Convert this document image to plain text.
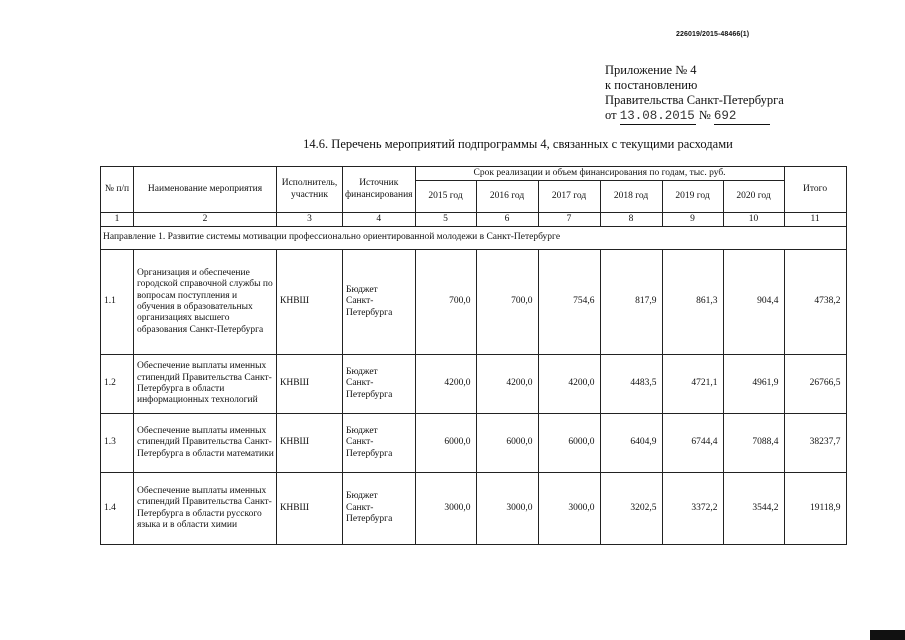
226019/2015-48466(1)
Приложение № 4
к постановлению
Правительства Санкт-Петербурга
от 13.08.2015 № 692
14.6. Перечень мероприятий подпрограммы 4, связанных с текущими расходами
№ п/п	Наименование мероприятия	Исполнитель, участник	Источник финансирования	Срок реализации и объем финансирования по годам, тыс. руб.						Итого
				2015 год	2016 год	2017 год	2018 год	2019 год	2020 год	
1	2	3	4	5	6	7	8	9	10	11
Направление 1. Развитие системы мотивации профессионально ориентированной молодежи в Санкт-Петербурге										
1.1	Организация и обеспечение городской справочной службы по вопросам поступления и обучения в образовательных организациях высшего образования Санкт-Петербурга	КНВШ	Бюджет Санкт-Петербурга	700,0	700,0	754,6	817,9	861,3	904,4	4738,2
1.2	Обеспечение выплаты именных стипендий Правительства Санкт-Петербурга в области информационных технологий	КНВШ	Бюджет Санкт-Петербурга	4200,0	4200,0	4200,0	4483,5	4721,1	4961,9	26766,5
1.3	Обеспечение выплаты именных стипендий Правительства Санкт-Петербурга в области математики	КНВШ	Бюджет Санкт-Петербурга	6000,0	6000,0	6000,0	6404,9	6744,4	7088,4	38237,7
1.4	Обеспечение выплаты именных стипендий Правительства Санкт-Петербурга в области русского языка и в области химии	КНВШ	Бюджет Санкт-Петербурга	3000,0	3000,0	3000,0	3202,5	3372,2	3544,2	19118,9
